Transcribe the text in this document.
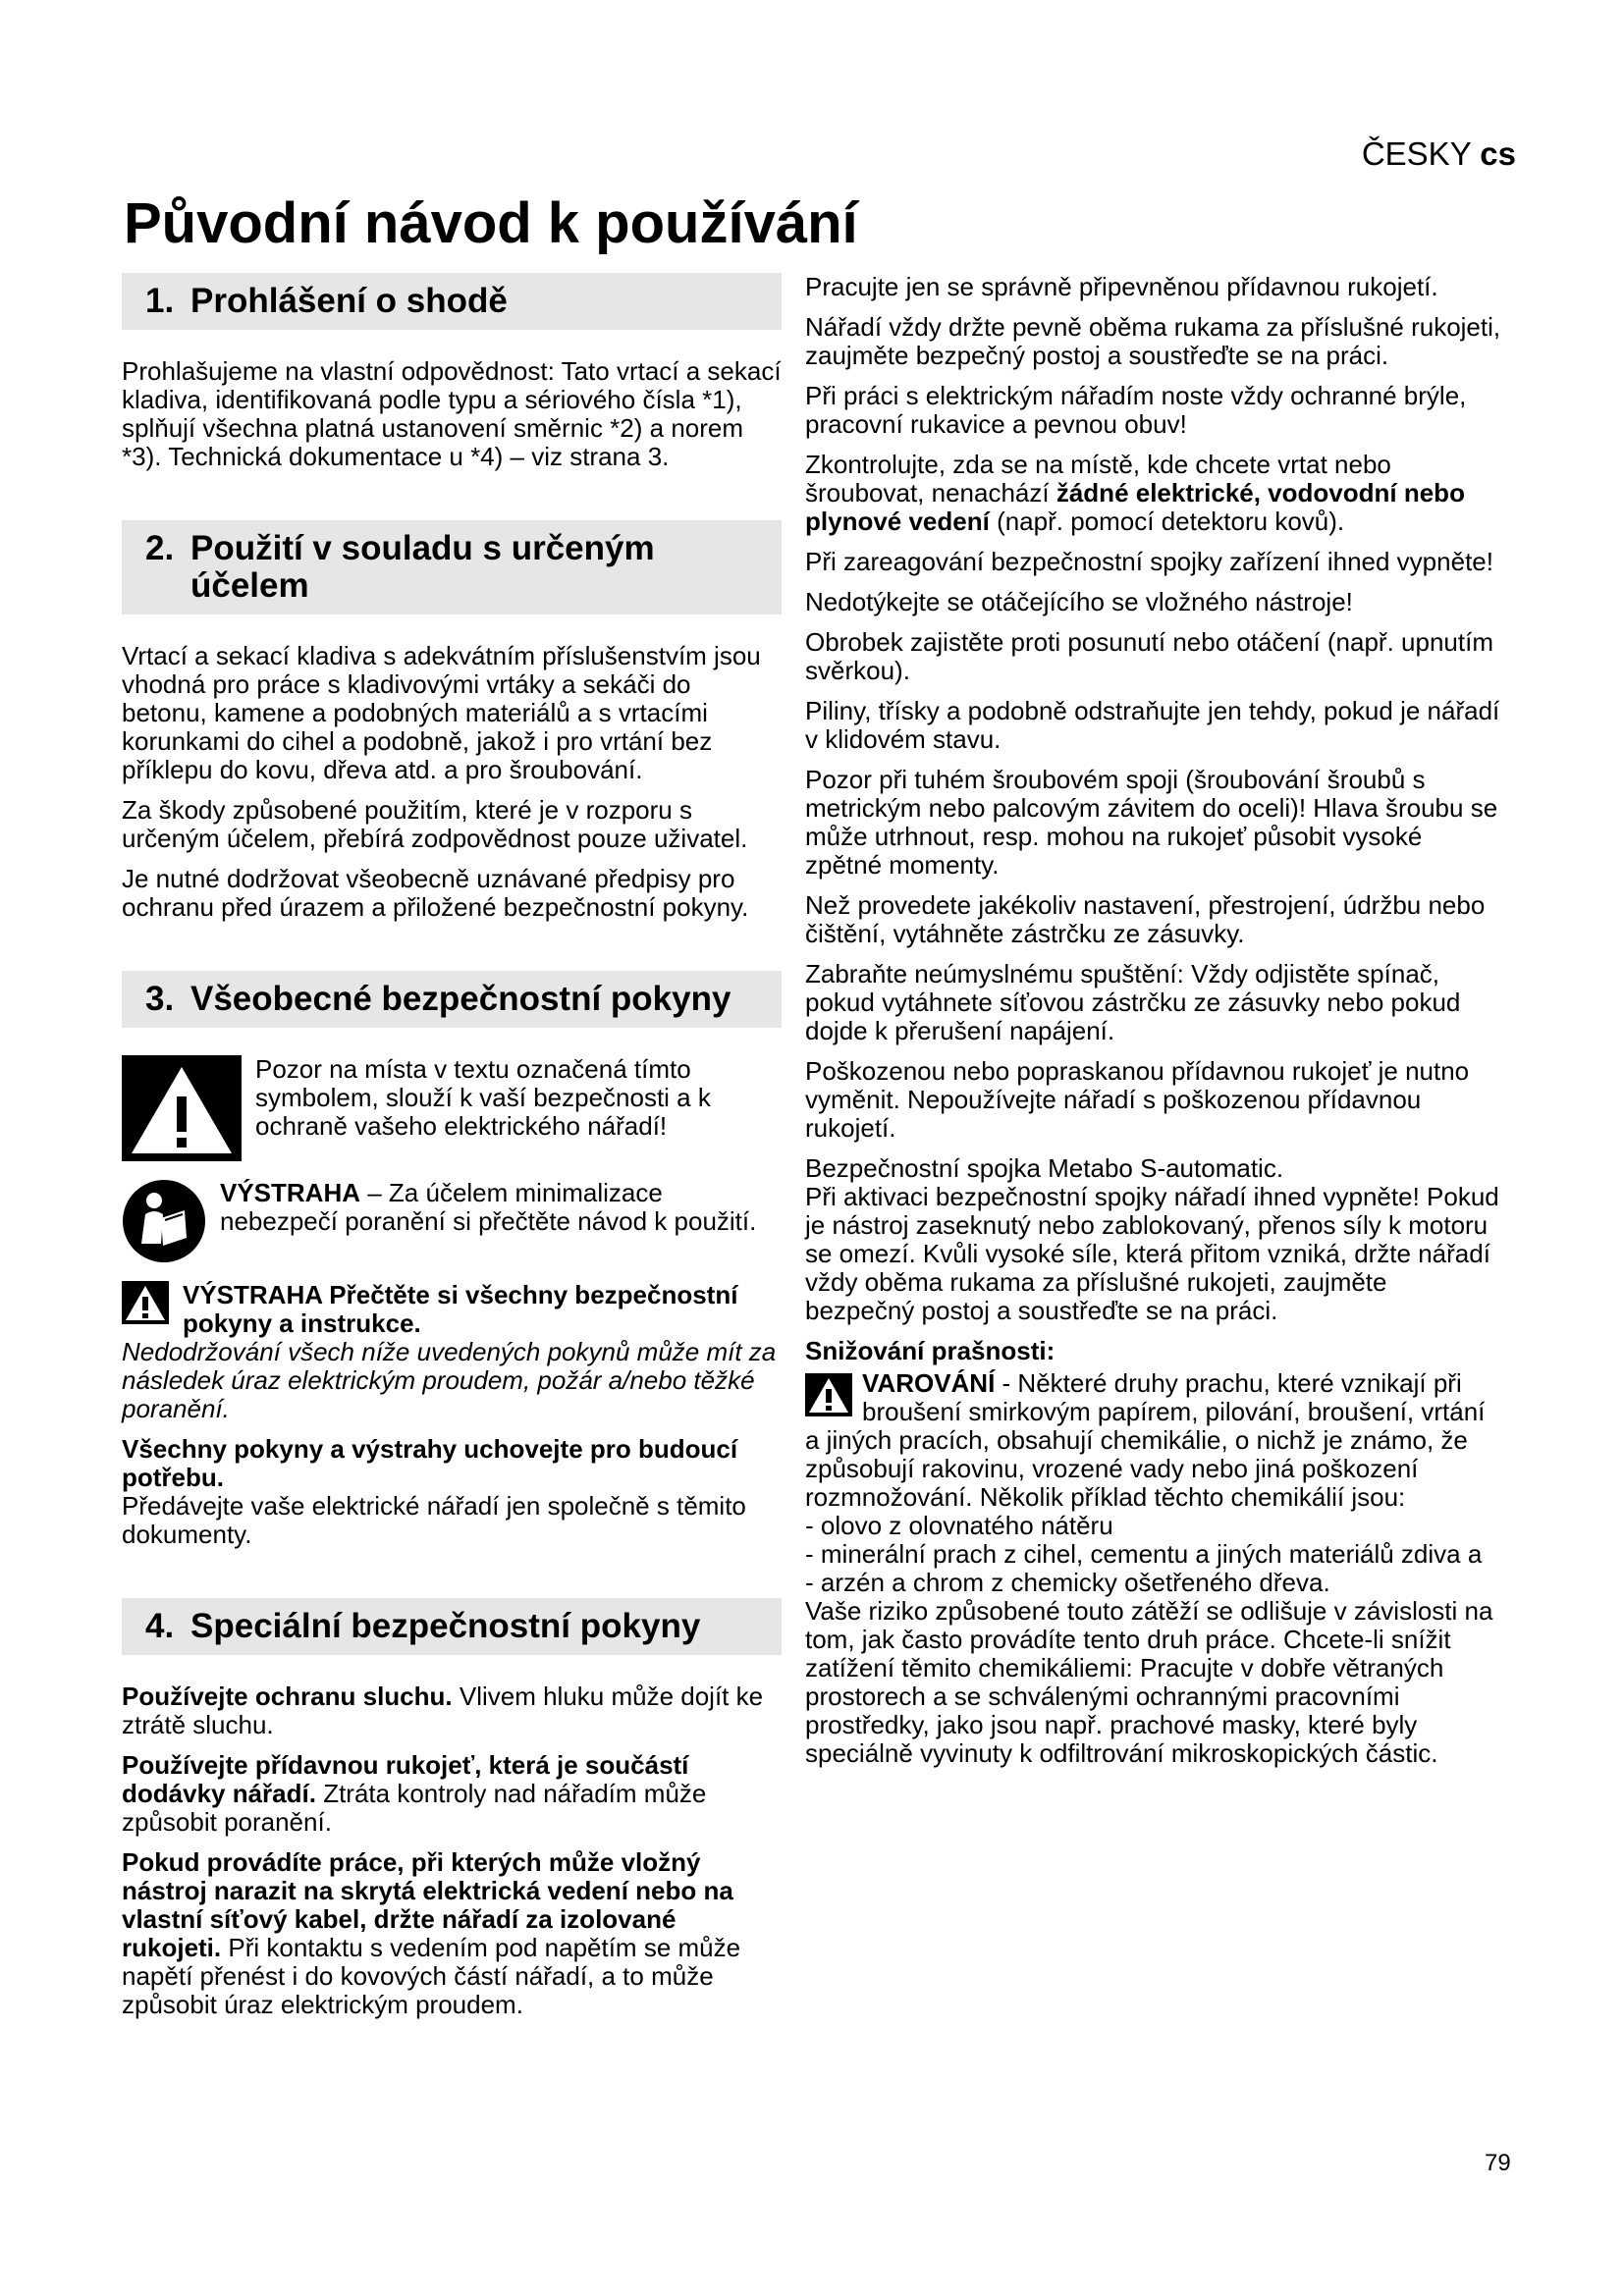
ČESKY cs
Původní návod k používání
1. Prohlášení o shodě

Prohlašujeme na vlastní odpovědnost: Tato vrtací a sekací kladiva, identifikovaná podle typu a sériového čísla *1), splňují všechna platná ustanovení směrnic *2) a norem *3). Technická dokumentace u *4) – viz strana 3.

2. Použití v souladu s určeným účelem

Vrtací a sekací kladiva s adekvátním příslušenstvím jsou vhodná pro práce s kladivovými vrtáky a sekáči do betonu, kamene a podobných materiálů a s vrtacími korunkami do cihel a podobně, jakož i pro vrtání bez příklepu do kovu, dřeva atd. a pro šroubování.

Za škody způsobené použitím, které je v rozporu s určeným účelem, přebírá zodpovědnost pouze uživatel.

Je nutné dodržovat všeobecně uznávané předpisy pro ochranu před úrazem a přiložené bezpečnostní pokyny.

3. Všeobecné bezpečnostní pokyny
Pozor na místa v textu označená tímto symbolem, slouží k vaší bezpečnosti a k ochraně vašeho elektrického nářadí!
VÝSTRAHA – Za účelem minimalizace nebezpečí poranění si přečtěte návod k použití.
VÝSTRAHA Přečtěte si všechny bezpečnostní pokyny a instrukce.

Nedodržování všech níže uvedených pokynů může mít za následek úraz elektrickým proudem, požár a/nebo těžké poranění.

Všechny pokyny a výstrahy uchovejte pro budoucí potřebu.
Předávejte vaše elektrické nářadí jen společně s těmito dokumenty.

4. Speciální bezpečnostní pokyny

Používejte ochranu sluchu. Vlivem hluku může dojít ke ztrátě sluchu.

Používejte přídavnou rukojeť, která je součástí dodávky nářadí. Ztráta kontroly nad nářadím může způsobit poranění.

Pokud provádíte práce, při kterých může vložný nástroj narazit na skrytá elektrická vedení nebo na vlastní síťový kabel, držte nářadí za izolované rukojeti. Při kontaktu s vedením pod napětím se může napětí přenést i do kovových částí nářadí, a to může způsobit úraz elektrickým proudem.

Pracujte jen se správně připevněnou přídavnou rukojetí.

Nářadí vždy držte pevně oběma rukama za příslušné rukojeti, zaujměte bezpečný postoj a soustřeďte se na práci.

Při práci s elektrickým nářadím noste vždy ochranné brýle, pracovní rukavice a pevnou obuv!

Zkontrolujte, zda se na místě, kde chcete vrtat nebo šroubovat, nenachází žádné elektrické, vodovodní nebo plynové vedení (např. pomocí detektoru kovů).

Při zareagování bezpečnostní spojky zařízení ihned vypněte!

Nedotýkejte se otáčejícího se vložného nástroje!

Obrobek zajistěte proti posunutí nebo otáčení (např. upnutím svěrkou).

Piliny, třísky a podobně odstraňujte jen tehdy, pokud je nářadí v klidovém stavu.

Pozor při tuhém šroubovém spoji (šroubování šroubů s metrickým nebo palcovým závitem do oceli)! Hlava šroubu se může utrhnout, resp. mohou na rukojeť působit vysoké zpětné momenty.

Než provedete jakékoliv nastavení, přestrojení, údržbu nebo čištění, vytáhněte zástrčku ze zásuvky.

Zabraňte neúmyslnému spuštění: Vždy odjistěte spínač, pokud vytáhnete síťovou zástrčku ze zásuvky nebo pokud dojde k přerušení napájení.

Poškozenou nebo popraskanou přídavnou rukojeť je nutno vyměnit. Nepoužívejte nářadí s poškozenou přídavnou rukojetí.

Bezpečnostní spojka Metabo S-automatic.
Při aktivaci bezpečnostní spojky nářadí ihned vypněte! Pokud je nástroj zaseknutý nebo zablokovaný, přenos síly k motoru se omezí. Kvůli vysoké síle, která přitom vzniká, držte nářadí vždy oběma rukama za příslušné rukojeti, zaujměte bezpečný postoj a soustřeďte se na práci.

Snižování prašnosti:

VAROVÁNÍ - Některé druhy prachu, které vznikají při broušení smirkovým papírem, pilování, broušení, vrtání a jiných pracích, obsahují chemikálie, o nichž je známo, že způsobují rakovinu, vrozené vady nebo jiná poškození rozmnožování. Několik příklad těchto chemikálií jsou:
- olovo z olovnatého nátěru
- minerální prach z cihel, cementu a jiných materiálů zdiva a
- arzén a chrom z chemicky ošetřeného dřeva.

Vaše riziko způsobené touto zátěží se odlišuje v závislosti na tom, jak často provádíte tento druh práce. Chcete-li snížit zatížení těmito chemikáliemi: Pracujte v dobře větraných prostorech a se schválenými ochrannými pracovními prostředky, jako jsou např. prachové masky, které byly speciálně vyvinuty k odfiltrování mikroskopických částic.

79
